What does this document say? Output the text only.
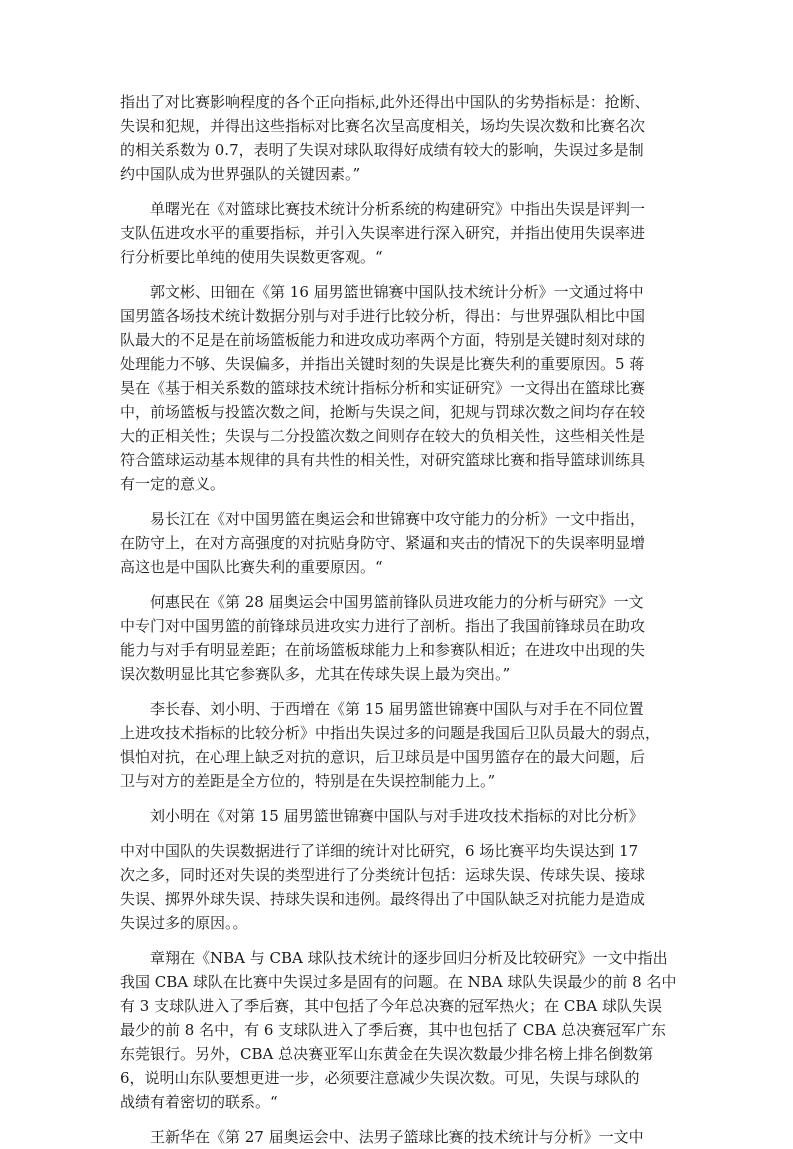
指出了对比赛影响程度的各个正向指标,此外还得出中国队的劣势指标是：抢断、
失误和犯规，并得出这些指标对比赛名次呈高度相关，场均失误次数和比赛名次
的相关系数为 0.7，表明了失误对球队取得好成绩有较大的影响，失误过多是制
约中国队成为世界强队的关键因素。”

　　单曙光在《对篮球比赛技术统计分析系统的构建研究》中指出失误是评判一
支队伍进攻水平的重要指标，并引入失误率进行深入研究，并指出使用失误率进
行分析要比单纯的使用失误数更客观。“

　　郭文彬、田钿在《第 16 届男篮世锦赛中国队技术统计分析》一文通过将中
国男篮各场技术统计数据分别与对手进行比较分析，得出：与世界强队相比中国
队最大的不足是在前场篮板能力和进攻成功率两个方面，特别是关键时刻对球的
处理能力不够、失误偏多，并指出关键时刻的失误是比赛失利的重要原因。5 蒋
昊在《基于相关系数的篮球技术统计指标分析和实证研究》一文得出在篮球比赛
中，前场篮板与投篮次数之间，抢断与失误之间，犯规与罚球次数之间均存在较
大的正相关性；失误与二分投篮次数之间则存在较大的负相关性，这些相关性是
符合篮球运动基本规律的具有共性的相关性，对研究篮球比赛和指导篮球训练具
有一定的意义。

　　易长江在《对中国男篮在奥运会和世锦赛中攻守能力的分析》一文中指出，
在防守上，在对方高强度的对抗贴身防守、紧逼和夹击的情况下的失误率明显增
高这也是中国队比赛失利的重要原因。“

　　何惠民在《第 28 届奥运会中国男篮前锋队员进攻能力的分析与研究》一文
中专门对中国男篮的前锋球员进攻实力进行了剖析。指出了我国前锋球员在助攻
能力与对手有明显差距；在前场篮板球能力上和参赛队相近；在进攻中出现的失
误次数明显比其它参赛队多，尤其在传球失误上最为突出。”

　　李长春、刘小明、于西增在《第 15 届男篮世锦赛中国队与对手在不同位置
上进攻技术指标的比较分析》中指出失误过多的问题是我国后卫队员最大的弱点，
惧怕对抗，在心理上缺乏对抗的意识，后卫球员是中国男篮存在的最大问题，后
卫与对方的差距是全方位的，特别是在失误控制能力上。”

　　刘小明在《对第 15 届男篮世锦赛中国队与对手进攻技术指标的对比分析》

中对中国队的失误数据进行了详细的统计对比研究，6 场比赛平均失误达到 17
次之多，同时还对失误的类型进行了分类统计包括：运球失误、传球失误、接球
失误、掷界外球失误、持球失误和违例。最终得出了中国队缺乏对抗能力是造成
失误过多的原因。。

　　章翔在《NBA 与 CBA 球队技术统计的逐步回归分析及比较研究》一文中指出
我国 CBA 球队在比赛中失误过多是固有的问题。在 NBA 球队失误最少的前 8 名中
有 3 支球队进入了季后赛，其中包括了今年总决赛的冠军热火；在 CBA 球队失误
最少的前 8 名中，有 6 支球队进入了季后赛，其中也包括了 CBA 总决赛冠军广东
东莞银行。另外，CBA 总决赛亚军山东黄金在失误次数最少排名榜上排名倒数第
6，说明山东队要想更进一步，必须要注意减少失误次数。可见，失误与球队的
战绩有着密切的联系。“

　　王新华在《第 27 届奥运会中、法男子篮球比赛的技术统计与分析》一文中
